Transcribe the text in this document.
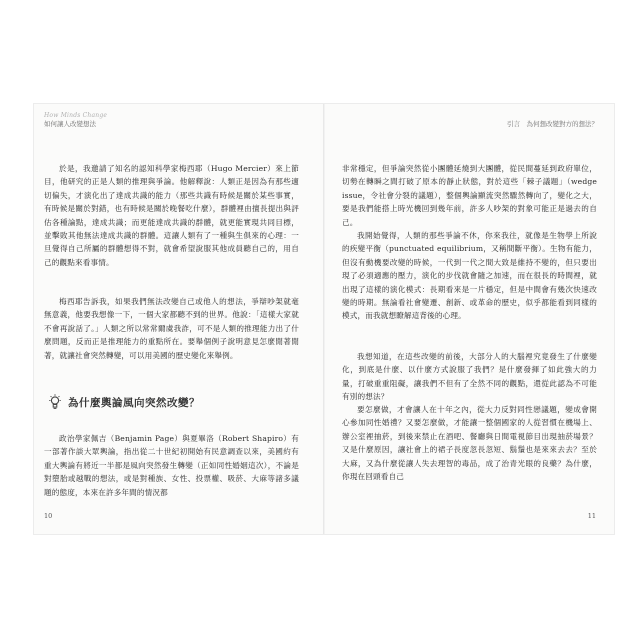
How Minds Change
如何讓人改變想法
於是，我邀請了知名的認知科學家梅西耶（Hugo Mercier）來上節目，他研究的正是人類的推理與爭論。他解釋說：人類正是因為有那些適切偏失，才演化出了達成共識的能力（那些共識有時候是關於某些事實，有時候是關於對錯，也有時候是關於晚餐吃什麼），群體裡由擅長提出與評估各種論點，達成共識；而更能達成共識的群體，就更能實現共同目標，並擊敗其他無法達成共識的群體。這讓人類有了一種與生俱來的心理：一旦覺得自己所屬的群體想得不對，就會希望說服其他成員聽自己的，用自己的觀點來看事情。
梅西耶告訴我，如果我們無法改變自己或他人的想法，爭辯吵架就毫無意義，他要我想像一下，一個大家都聽不到的世界。他說：「這樣大家就不會再說話了。」人類之所以常常爾虞我詐，可不是人類的推理能力出了什麼問題，反而正是推理能力的重點所在。要舉個例子說明意見怎麼閒著閒著，就讓社會突然轉變，可以用美國的歷史變化來舉例。
為什麼輿論風向突然改變？
政治學家佩吉（Benjamin Page）與夏畢洛（Robert Shapiro）有一部著作談大眾輿論，指出從二十世紀初開始有民意調查以來，美國約有重大輿論有將近一半都是風向突然發生轉變（正如同性婚姻這次），不論是對墮胎或越戰的想法，或是對種族、女性、投票權、吸菸、大麻等諸多議題的態度，本來在許多年間的情況都
10
引言　為何想改變對方的想法？
非常穩定，但爭論突然從小團體延燒到大團體，從民間蔓延到政府單位，切勢在轉瞬之間打破了原本的靜止狀態，對於這些「棘子議題」（wedge issue，令社會分裂的議題），整個輿論顯流突然驟然轉向了，變化之大，要是我們能搭上時光機回到幾年前，許多人吵架的對象可能正是過去的自己。
我開始覺得，人類的那些爭論不休，你來我往，就像是生物學上所說的疾變平衡（punctuated equilibrium，又稱間斷平衡）。生物有能力，但沒有動機要改變的時候，一代到一代之間大致是維持不變的，但只要出現了必須適應的壓力，演化的步伐就會隨之加速，而在很長的時間裡，就出現了這樣的演化模式：長期看來是一片穩定，但是中間會有幾次快速改變的時期。無論看社會變遷、創新、或革命的歷史，似乎都能看到同樣的模式，而我就想瞭解這背後的心理。
我想知道，在這些改變的前後，大部分人的大腦裡究竟發生了什麼變化，到底是什麼、以什麼方式說服了我們？是什麼發揮了如此強大的力量，打破重重阻礙，讓我們不但有了全然不同的觀點，還從此認為不可能有別的想法？
要怎麼做，才會讓人在十年之內，從大力反對同性戀議題，變成會開心參加同性婚禮？又要怎麼做，才能讓一整個國家的人從習慣在機場上、辦公室裡抽菸，到後來禁止在酒吧、餐廳與日間電視節目出現抽菸場景？又是什麼原因，讓社會上的裙子長度忽長忽短、鬍鬚也是來來去去？至於大麻，又為什麼從讓人失去理智的毒品，成了治青光眼的良藥？為什麼，你現在回頭看自己
11
